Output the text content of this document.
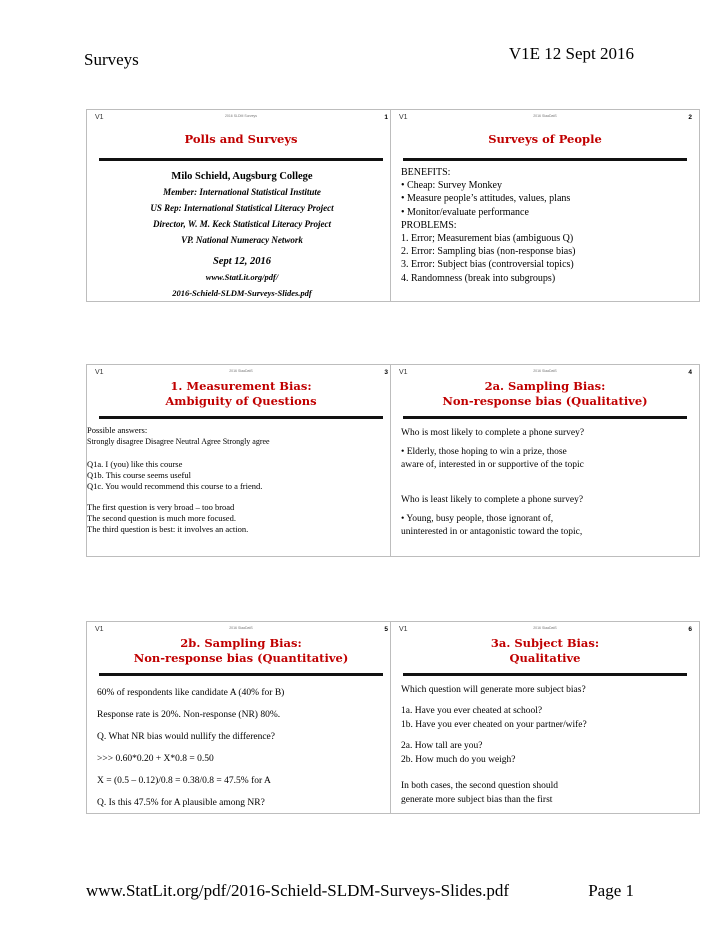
Surveys	V1E 12 Sept 2016
V1	2016 SLDM Surveys	1
Polls and Surveys
Milo Schield, Augsburg College
Member: International Statistical Institute
US Rep: International Statistical Literacy Project
Director, W. M. Keck Statistical Literacy Project
VP. National Numeracy Network
Sept 12, 2016
www.StatLit.org/pdf/
2016-Schield-SLDM-Surveys-Slides.pdf
V1	2016 SlaaDatS	2
Surveys of People
BENEFITS:
• Cheap: Survey Monkey
• Measure people’s attitudes, values, plans
• Monitor/evaluate performance
PROBLEMS:
1. Error; Measurement bias (ambiguous Q)
2. Error: Sampling bias (non-response bias)
3. Error: Subject bias (controversial topics)
4. Randomness (break into subgroups)
V1	2016 SlaaDatS	3
1. Measurement Bias:
Ambiguity of Questions
Possible answers:
Strongly disagree Disagree Neutral Agree Strongly agree
Q1a. I (you) like this course
Q1b. This course seems useful
Q1c. You would recommend this course to a friend.
The first question is very broad – too broad
The second question is much more focused.
The third question is best: it involves an action.
V1	2016 SlaaDatS	4
2a. Sampling Bias:
Non-response bias (Qualitative)
Who is most likely to complete a phone survey?
• Elderly, those hoping to win a prize, those
aware of, interested in or supportive of the topic
Who is least likely to complete a phone survey?
• Young, busy people, those ignorant of,
uninterested in or antagonistic toward the topic,
V1	2016 SlaaDatS	5
2b. Sampling Bias:
Non-response bias (Quantitative)
60% of respondents like candidate A (40% for B)
Response rate is 20%. Non-response (NR) 80%.
Q. What NR bias would nullify the difference?
>>> 0.60*0.20 + X*0.8 = 0.50
X = (0.5 – 0.12)/0.8 = 0.38/0.8 = 47.5% for A
Q. Is this 47.5% for A plausible among NR?
V1	2016 SlaaDatS	6
3a. Subject Bias:
Qualitative
Which question will generate more subject bias?
1a. Have you ever cheated at school?
1b. Have you ever cheated on your partner/wife?
2a. How tall are you?
2b. How much do you weigh?
In both cases, the second question should
generate more subject bias than the first
www.StatLit.org/pdf/2016-Schield-SLDM-Surveys-Slides.pdf	Page 1
